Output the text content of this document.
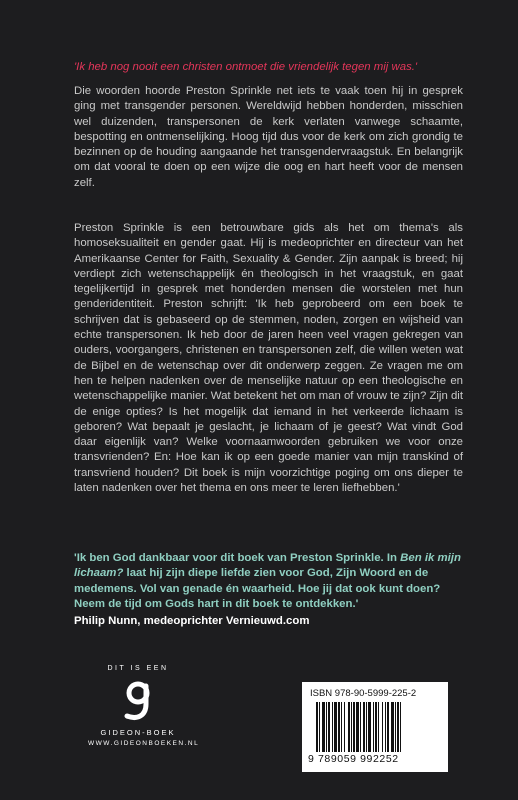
'Ik heb nog nooit een christen ontmoet die vriendelijk tegen mij was.'

Die woorden hoorde Preston Sprinkle net iets te vaak toen hij in gesprek ging met transgender personen. Wereldwijd hebben honderden, misschien wel duizenden, transpersonen de kerk verlaten vanwege schaamte, bespotting en ontmenselijking. Hoog tijd dus voor de kerk om zich grondig te bezinnen op de houding aangaande het transgendervraagstuk. En belangrijk om dat vooral te doen op een wijze die oog en hart heeft voor de mensen zelf.

Preston Sprinkle is een betrouwbare gids als het om thema's als homoseksualiteit en gender gaat. Hij is medeoprichter en directeur van het Amerikaanse Center for Faith, Sexuality & Gender. Zijn aanpak is breed; hij verdiept zich wetenschappelijk én theologisch in het vraagstuk, en gaat tegelijkertijd in gesprek met honderden mensen die worstelen met hun genderidentiteit. Preston schrijft: 'Ik heb geprobeerd om een boek te schrijven dat is gebaseerd op de stemmen, noden, zorgen en wijsheid van echte transpersonen. Ik heb door de jaren heen veel vragen gekregen van ouders, voorgangers, christenen en transpersonen zelf, die willen weten wat de Bijbel en de wetenschap over dit onderwerp zeggen. Ze vragen me om hen te helpen nadenken over de menselijke natuur op een theologische en wetenschappelijke manier. Wat betekent het om man of vrouw te zijn? Zijn dit de enige opties? Is het mogelijk dat iemand in het verkeerde lichaam is geboren? Wat bepaalt je geslacht, je lichaam of je geest? Wat vindt God daar eigenlijk van? Welke voornaamwoorden gebruiken we voor onze transvrienden? En: Hoe kan ik op een goede manier van mijn transkind of transvriend houden? Dit boek is mijn voorzichtige poging om ons dieper te laten nadenken over het thema en ons meer te leren liefhebben.'

'Ik ben God dankbaar voor dit boek van Preston Sprinkle. In Ben ik mijn lichaam? laat hij zijn diepe liefde zien voor God, Zijn Woord en de medemens. Vol van genade én waarheid. Hoe jij dat ook kunt doen? Neem de tijd om Gods hart in dit boek te ontdekken.'

Philip Nunn, medeoprichter Vernieuwd.com

DIT IS EEN
GIDEON-BOEK
WWW.GIDEONBOEKEN.NL
ISBN 978-90-5999-225-2
9 789059 992252
